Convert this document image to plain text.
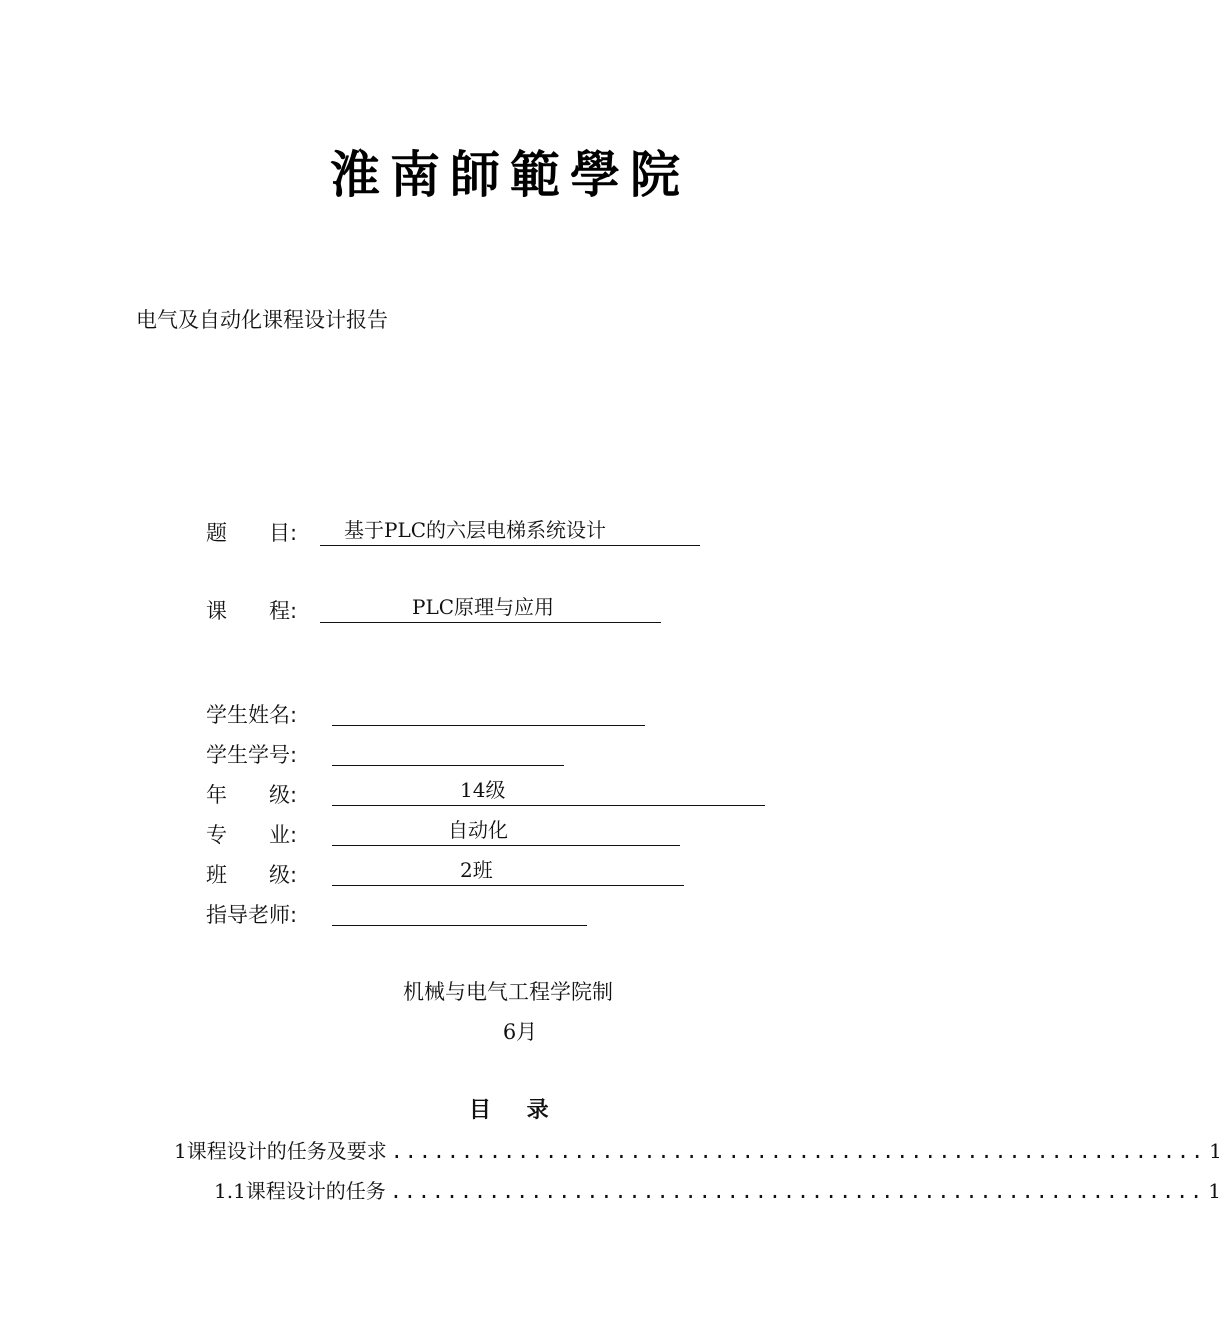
淮南師範學院
电气及自动化课程设计报告
题　　目: 基于PLC的六层电梯系统设计
课　　程:	PLC原理与应用
学生姓名:
学生学号:
年　　级:	14级
专　　业:	自动化
班　　级:	2班
指导老师:
机械与电气工程学院制
6月
目 录
1课程设计的任务及要求 .......................................................... 1
1.1课程设计的任务 .......................................................... 1
